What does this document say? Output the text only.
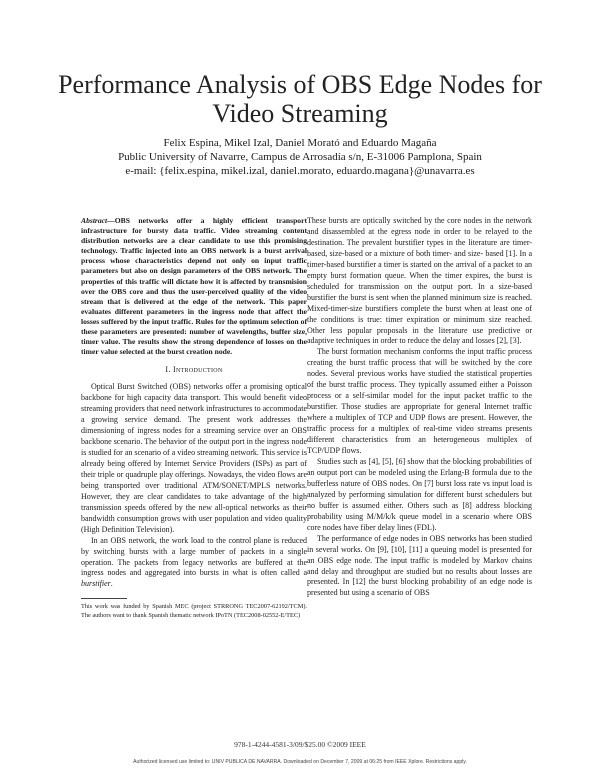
Performance Analysis of OBS Edge Nodes for
Video Streaming
Felix Espina, Mikel Izal, Daniel Morató and Eduardo Magaña
Public University of Navarre, Campus de Arrosadía s/n, E-31006 Pamplona, Spain
e-mail: {felix.espina, mikel.izal, daniel.morato, eduardo.magana}@unavarra.es

Abstract—OBS networks offer a highly efficient transport infrastructure for bursty data traffic. Video streaming content distribution networks are a clear candidate to use this promising technology. Traffic injected into an OBS network is a burst arrival process whose characteristics depend not only on input traffic parameters but also on design parameters of the OBS network. The properties of this traffic will dictate how it is affected by transmision over the OBS core and thus the user-perceived quality of the video stream that is delivered at the edge of the network. This paper evaluates different parameters in the ingress node that affect the losses suffered by the input traffic. Rules for the optimum selection of these parameters are presented: number of wavelengths, buffer size, timer value. The results show the strong dependence of losses on the timer value selected at the burst creation node.

I. Introduction

Optical Burst Switched (OBS) networks offer a promising optical backbone for high capacity data transport. This would benefit video streaming providers that need network infrastructures to accommodate a growing service demand. The present work addresses the dimensioning of ingress nodes for a streaming service over an OBS backbone scenario. The behavior of the output port in the ingress node is studied for an scenario of a video streaming network. This service is already being offered by Internet Service Providers (ISPs) as part of their triple or quadruple play offerings. Nowadays, the video flows are being transported over traditional ATM/SONET/MPLS networks. However, they are clear candidates to take advantage of the high transmission speeds offered by the new all-optical networks as their bandwidth consumption grows with user population and video quality (High Definition Television).

In an OBS network, the work load to the control plane is reduced by switching bursts with a large number of packets in a single operation. The packets from legacy networks are buffered at the ingress nodes and aggregated into bursts in what is often called a burstifier.

This work was funded by Spanish MEC (project STRRONG TEC2007-62192/TCM). The authors want to thank Spanish thematic network IPoTN (TEC2008-02552-E/TEC)

These bursts are optically switched by the core nodes in the network and disassembled at the egress node in order to be relayed to the destination. The prevalent burstifier types in the literature are timer-based, size-based or a mixture of both timer- and size- based [1]. In a timer-based burstifier a timer is started on the arrival of a packet to an empty burst formation queue. When the timer expires, the burst is scheduled for transmission on the output port. In a size-based burstifier the burst is sent when the planned minimum size is reached. Mixed-timer-size burstifiers complete the burst when at least one of the conditions is true: timer expiration or minimum size reached. Other less popular proposals in the literature use predictive or adaptive techniques in order to reduce the delay and losses [2], [3].

The burst formation mechanism conforms the input traffic process creating the burst traffic process that will be switched by the core nodes. Several previous works have studied the statistical properties of the burst traffic process. They typically assumed either a Poisson process or a self-similar model for the input packet traffic to the burstifier. Those studies are appropriate for general Internet traffic where a multiplex of TCP and UDP flows are present. However, the traffic process for a multiplex of real-time video streams presents different characteristics from an heterogeneous multiplex of TCP/UDP flows.

Studies such as [4], [5], [6] show that the blocking probabilities of an output port can be modeled using the Erlang-B formula due to the bufferless nature of OBS nodes. On [7] burst loss rate vs input load is analyzed by performing simulation for different burst schedulers but no buffer is assumed either. Others such as [8] address blocking probability using M/M/k/k queue model in a scenario where OBS core nodes have fiber delay lines (FDL).

The performance of edge nodes in OBS networks has been studied in several works. On [9], [10], [11] a queuing model is presented for an OBS edge node. The input traffic is modeled by Markov chains and delay and throughput are studied but no results about losses are presented. In [12] the burst blocking probability of an edge node is presented but using a scenario of OBS

978-1-4244-4581-3/09/$25.00 ©2009 IEEE
Authorized licensed use limited to: UNIV PUBLICA DE NAVARRA. Downloaded on December 7, 2009 at 06:25 from IEEE Xplore. Restrictions apply.
